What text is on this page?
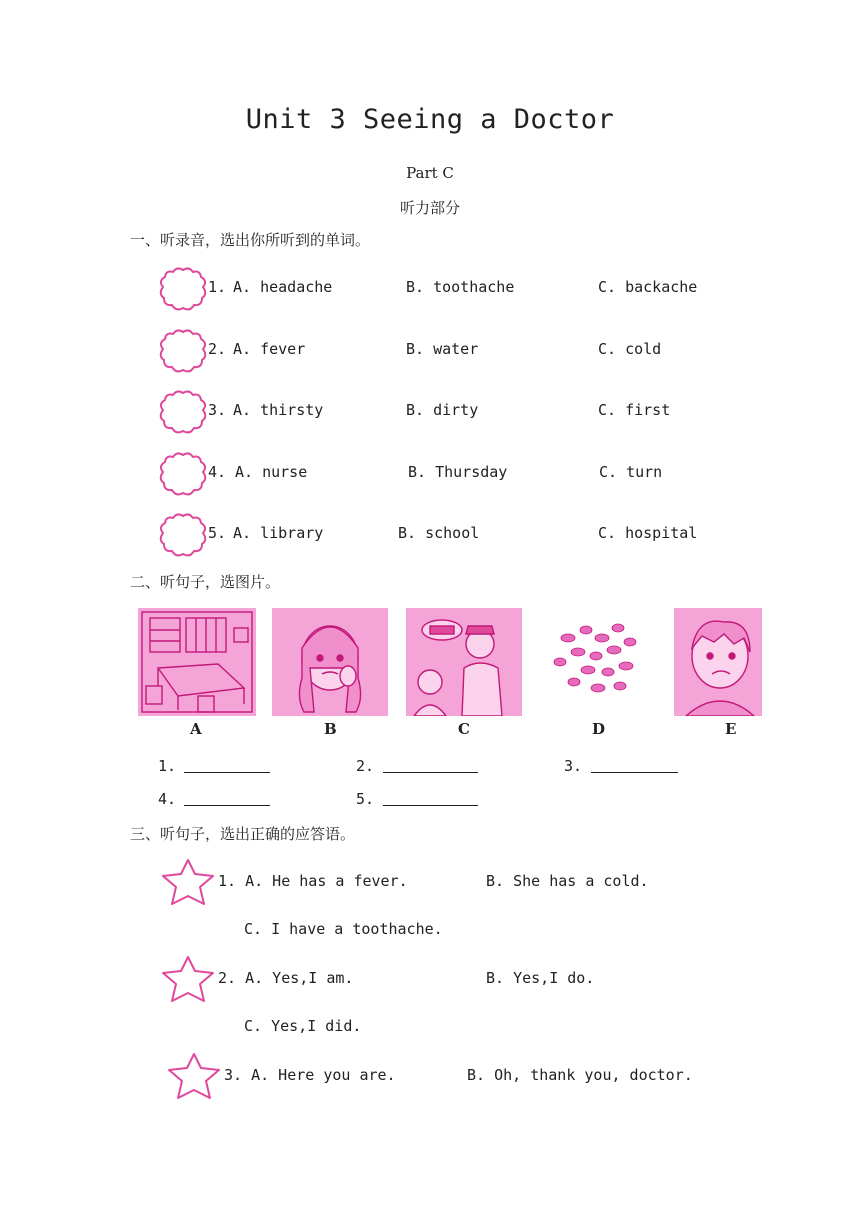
Unit 3 Seeing a Doctor
Part C
听力部分
一、听录音，选出你所听到的单词。
1. A. headache	B. toothache	C. backache
2. A. fever	B. water	C. cold
3. A. thirsty	B. dirty	C. first
4. A. nurse	B. Thursday	C. turn
5. A. library	B. school	C. hospital
二、听句子，选图片。
A	B	C	D	E
1.	2.	3.
4.	5.
三、听句子，选出正确的应答语。
1. A. He has a fever.	B. She has a cold.
C. I have a toothache.
2. A. Yes,I am.	B. Yes,I do.
C. Yes,I did.
3. A. Here you are.	B. Oh, thank you, doctor.
